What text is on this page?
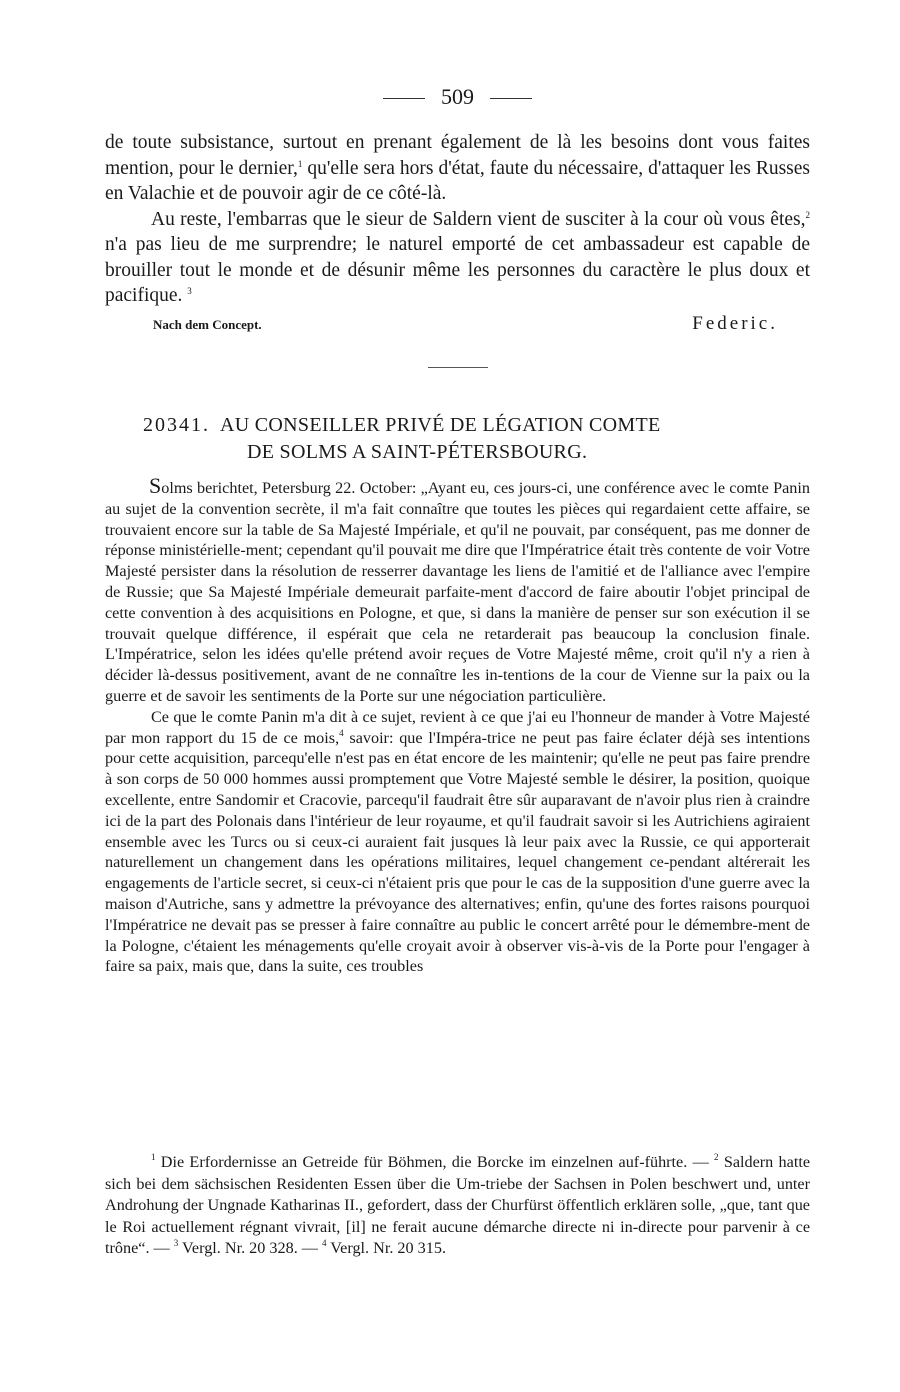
509

de toute subsistance, surtout en prenant également de là les besoins dont vous faites mention, pour le dernier,$^1$ qu'elle sera hors d'état, faute du nécessaire, d'attaquer les Russes en Valachie et de pouvoir agir de ce côté-là.

Au reste, l'embarras que le sieur de Saldern vient de susciter à la cour où vous êtes,$^2$ n'a pas lieu de me surprendre; le naturel emporté de cet ambassadeur est capable de brouiller tout le monde et de désunir même les personnes du caractère le plus doux et pacifique. $^3$

Nach dem Concept.	Federic.
20341. AU CONSEILLER PRIVÉ DE LÉGATION COMTE
DE SOLMS A SAINT-PÉTERSBOURG.

Solms berichtet, Petersburg 22. October: „Ayant eu, ces jours-ci, une conférence avec le comte Panin au sujet de la convention secrète, il m'a fait connaître que toutes les pièces qui regardaient cette affaire, se trouvaient encore sur la table de Sa Majesté Impériale, et qu'il ne pouvait, par conséquent, pas me donner de réponse ministérielle-ment; cependant qu'il pouvait me dire que l'Impératrice était très contente de voir Votre Majesté persister dans la résolution de resserrer davantage les liens de l'amitié et de l'alliance avec l'empire de Russie; que Sa Majesté Impériale demeurait parfaite-ment d'accord de faire aboutir l'objet principal de cette convention à des acquisitions en Pologne, et que, si dans la manière de penser sur son exécution il se trouvait quelque différence, il espérait que cela ne retarderait pas beaucoup la conclusion finale. L'Impératrice, selon les idées qu'elle prétend avoir reçues de Votre Majesté même, croit qu'il n'y a rien à décider là-dessus positivement, avant de ne connaître les in-tentions de la cour de Vienne sur la paix ou la guerre et de savoir les sentiments de la Porte sur une négociation particulière.

Ce que le comte Panin m'a dit à ce sujet, revient à ce que j'ai eu l'honneur de mander à Votre Majesté par mon rapport du 15 de ce mois,$^4$ savoir: que l'Impéra-trice ne peut pas faire éclater déjà ses intentions pour cette acquisition, parcequ'elle n'est pas en état encore de les maintenir; qu'elle ne peut pas faire prendre à son corps de 50 000 hommes aussi promptement que Votre Majesté semble le désirer, la position, quoique excellente, entre Sandomir et Cracovie, parcequ'il faudrait être sûr auparavant de n'avoir plus rien à craindre ici de la part des Polonais dans l'intérieur de leur royaume, et qu'il faudrait savoir si les Autrichiens agiraient ensemble avec les Turcs ou si ceux-ci auraient fait jusques là leur paix avec la Russie, ce qui apporterait naturellement un changement dans les opérations militaires, lequel changement ce-pendant altérerait les engagements de l'article secret, si ceux-ci n'étaient pris que pour le cas de la supposition d'une guerre avec la maison d'Autriche, sans y admettre la prévoyance des alternatives; enfin, qu'une des fortes raisons pourquoi l'Impératrice ne devait pas se presser à faire connaître au public le concert arrêté pour le démembre-ment de la Pologne, c'étaient les ménagements qu'elle croyait avoir à observer vis-à-vis de la Porte pour l'engager à faire sa paix, mais que, dans la suite, ces troubles

$^1$ Die Erfordernisse an Getreide für Böhmen, die Borcke im einzelnen auf-führte. — $^2$ Saldern hatte sich bei dem sächsischen Residenten Essen über die Um-triebe der Sachsen in Polen beschwert und, unter Androhung der Ungnade Katharinas II., gefordert, dass der Churfürst öffentlich erklären solle, „que, tant que le Roi actuellement régnant vivrait, [il] ne ferait aucune démarche directe ni in-directe pour parvenir à ce trône“. — $^3$ Vergl. Nr. 20 328. — $^4$ Vergl. Nr. 20 315.
